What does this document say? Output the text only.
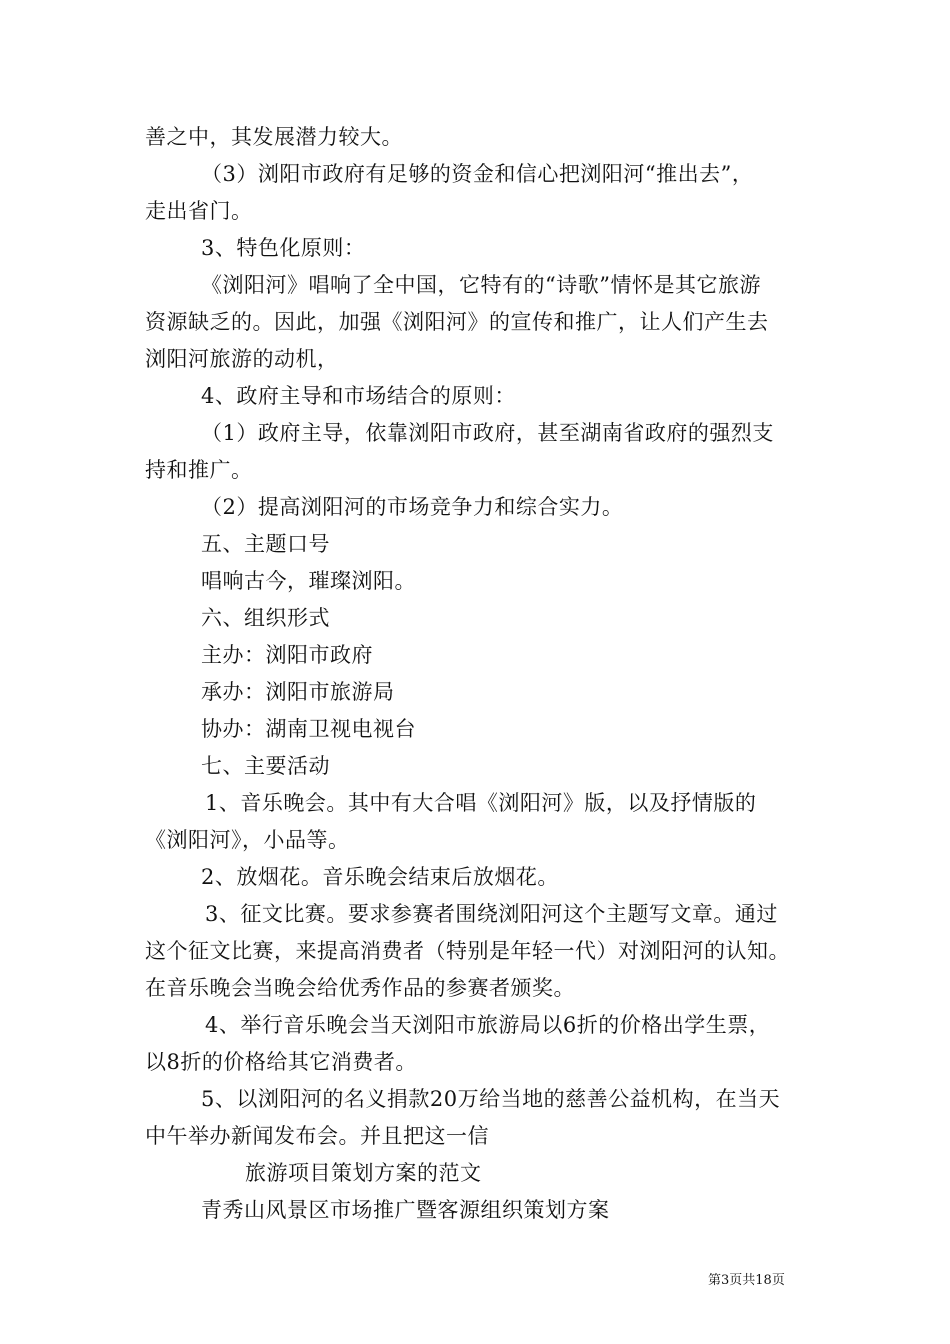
善之中，其发展潜力较大。
（3）浏阳市政府有足够的资金和信心把浏阳河“推出去”，
走出省门。
3、特色化原则：
《浏阳河》唱响了全中国，它特有的“诗歌”情怀是其它旅游
资源缺乏的。因此，加强《浏阳河》的宣传和推广，让人们产生去
浏阳河旅游的动机，
4、政府主导和市场结合的原则：
（1）政府主导，依靠浏阳市政府，甚至湖南省政府的强烈支
持和推广。
（2）提高浏阳河的市场竞争力和综合实力。
五、主题口号
唱响古今，璀璨浏阳。
六、组织形式
主办：浏阳市政府
承办：浏阳市旅游局
协办：湖南卫视电视台
七、主要活动
1、音乐晚会。其中有大合唱《浏阳河》版，以及抒情版的
《浏阳河》，小品等。
2、放烟花。音乐晚会结束后放烟花。
3、征文比赛。要求参赛者围绕浏阳河这个主题写文章。通过
这个征文比赛，来提高消费者（特别是年轻一代）对浏阳河的认知。
在音乐晚会当晚会给优秀作品的参赛者颁奖。
4、举行音乐晚会当天浏阳市旅游局以6折的价格出学生票，
以8折的价格给其它消费者。
5、以浏阳河的名义捐款20万给当地的慈善公益机构，在当天
中午举办新闻发布会。并且把这一信
旅游项目策划方案的范文
青秀山风景区市场推广暨客源组织策划方案
第3页共18页
